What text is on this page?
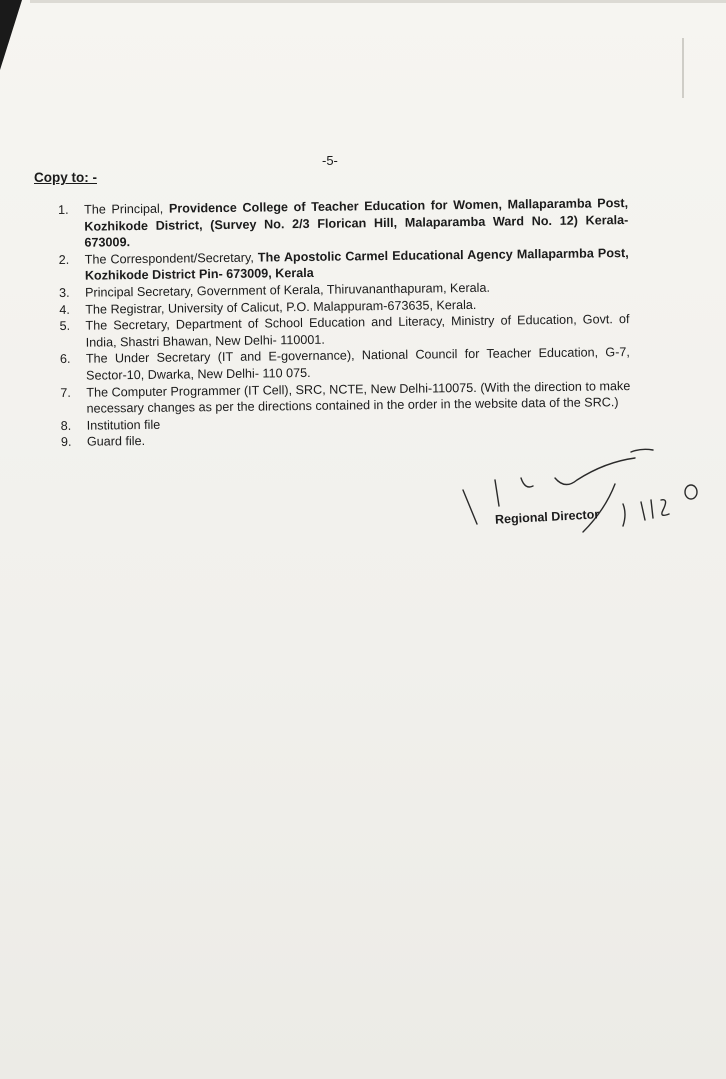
-5-
Copy to: -
1.	The Principal, Providence College of Teacher Education for Women, Mallaparamba Post, Kozhikode District, (Survey No. 2/3 Florican Hill, Malaparamba Ward No. 12) Kerala- 673009.
2.	The Correspondent/Secretary, The Apostolic Carmel Educational Agency Mallaparmba Post, Kozhikode District Pin- 673009, Kerala
3.	Principal Secretary, Government of Kerala, Thiruvananthapuram, Kerala.
4.	The Registrar, University of Calicut, P.O. Malappuram-673635, Kerala.
5.	The Secretary, Department of School Education and Literacy, Ministry of Education, Govt. of India, Shastri Bhawan, New Delhi- 110001.
6.	The Under Secretary (IT and E-governance), National Council for Teacher Education, G-7, Sector-10, Dwarka, New Delhi- 110 075.
7.	The Computer Programmer (IT Cell), SRC, NCTE, New Delhi-110075. (With the direction to make necessary changes as per the directions contained in the order in the website data of the SRC.)
8.	Institution file
9.	Guard file.
Regional Director
